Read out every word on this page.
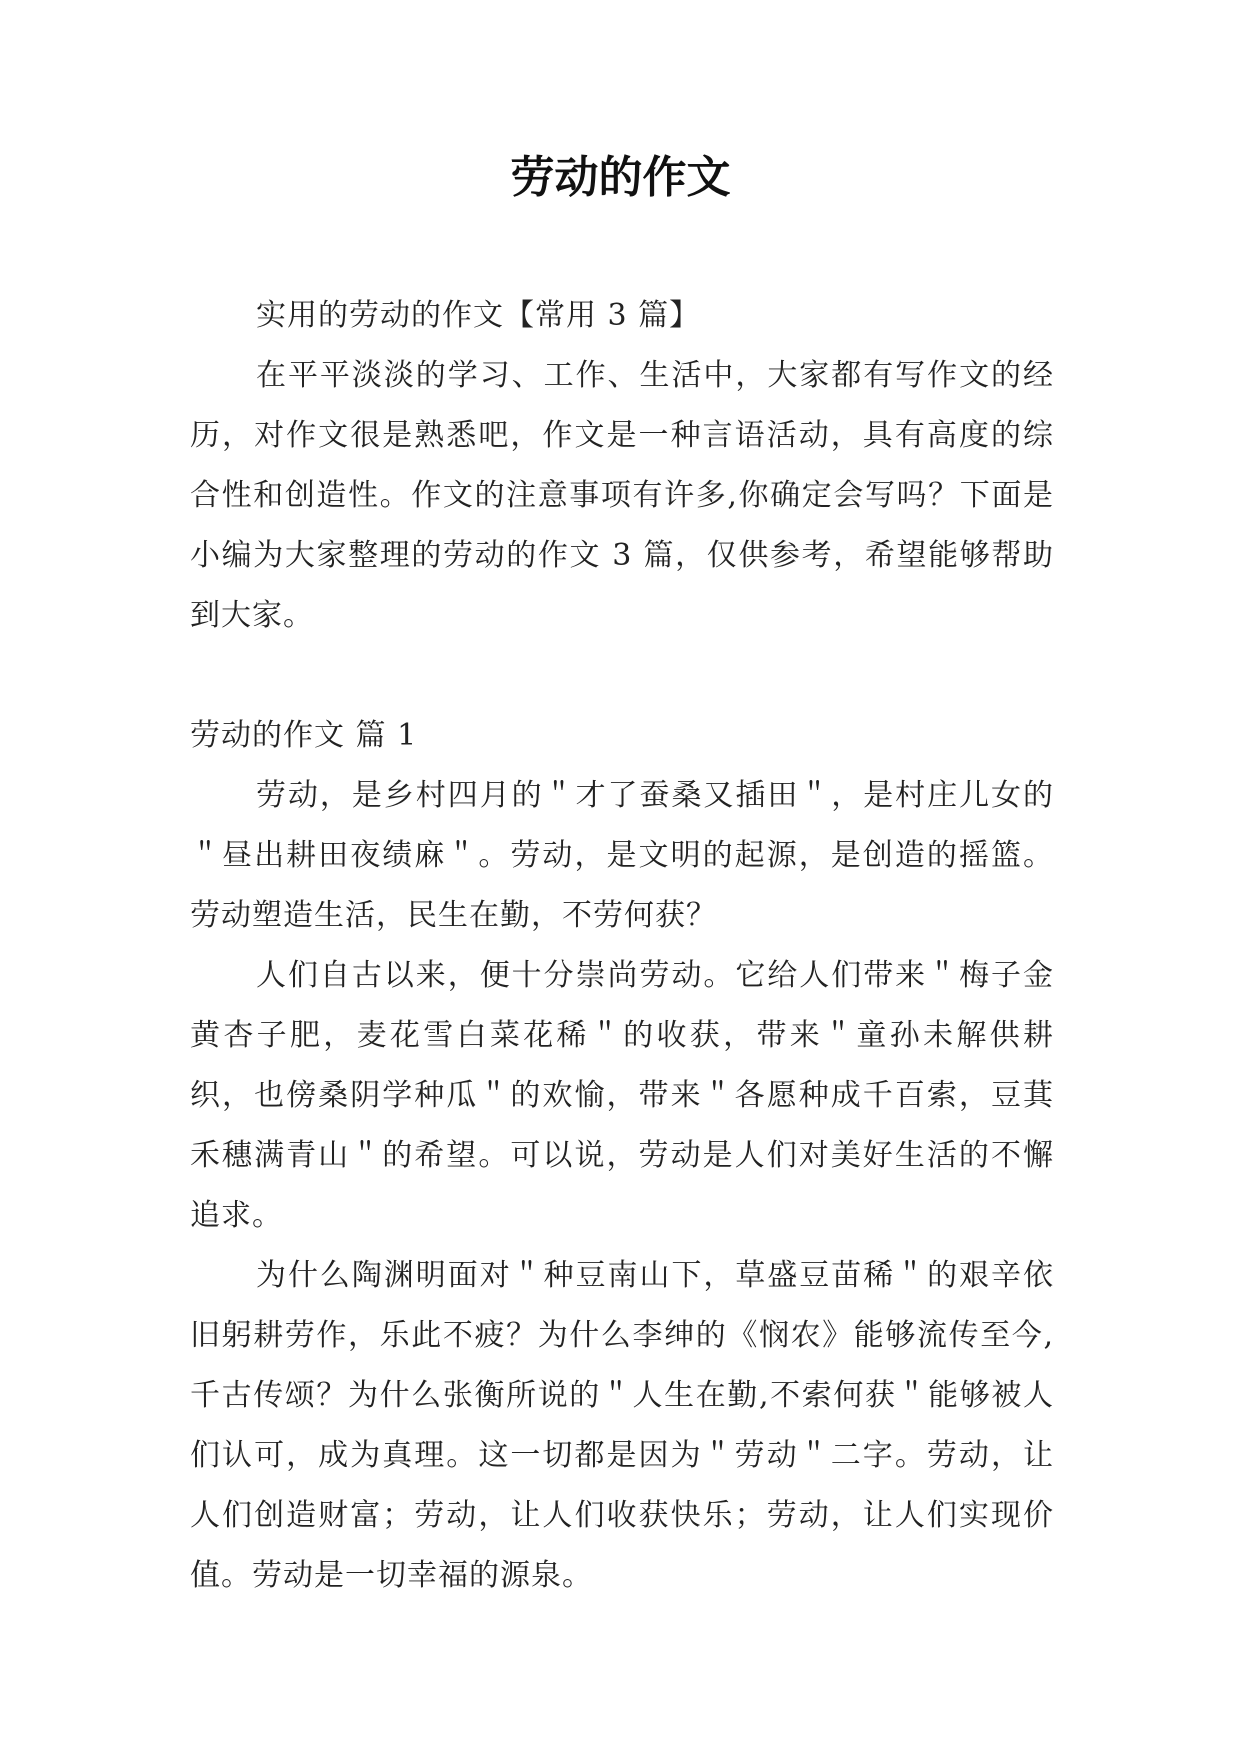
劳动的作文

实用的劳动的作文【常用 3 篇】

在平平淡淡的学习、工作、生活中，大家都有写作文的经历，对作文很是熟悉吧，作文是一种言语活动，具有高度的综合性和创造性。作文的注意事项有许多,你确定会写吗？下面是小编为大家整理的劳动的作文 3 篇，仅供参考，希望能够帮助到大家。

劳动的作文 篇 1

劳动，是乡村四月的＂才了蚕桑又插田＂，是村庄儿女的＂昼出耕田夜绩麻＂。劳动，是文明的起源，是创造的摇篮。劳动塑造生活，民生在勤，不劳何获？

人们自古以来，便十分崇尚劳动。它给人们带来＂梅子金黄杏子肥，麦花雪白菜花稀＂的收获，带来＂童孙未解供耕织，也傍桑阴学种瓜＂的欢愉，带来＂各愿种成千百索，豆萁禾穗满青山＂的希望。可以说，劳动是人们对美好生活的不懈追求。

为什么陶渊明面对＂种豆南山下，草盛豆苗稀＂的艰辛依旧躬耕劳作，乐此不疲？为什么李绅的《悯农》能够流传至今,千古传颂？为什么张衡所说的＂人生在勤,不索何获＂能够被人们认可，成为真理。这一切都是因为＂劳动＂二字。劳动，让人们创造财富；劳动，让人们收获快乐；劳动，让人们实现价值。劳动是一切幸福的源泉。
